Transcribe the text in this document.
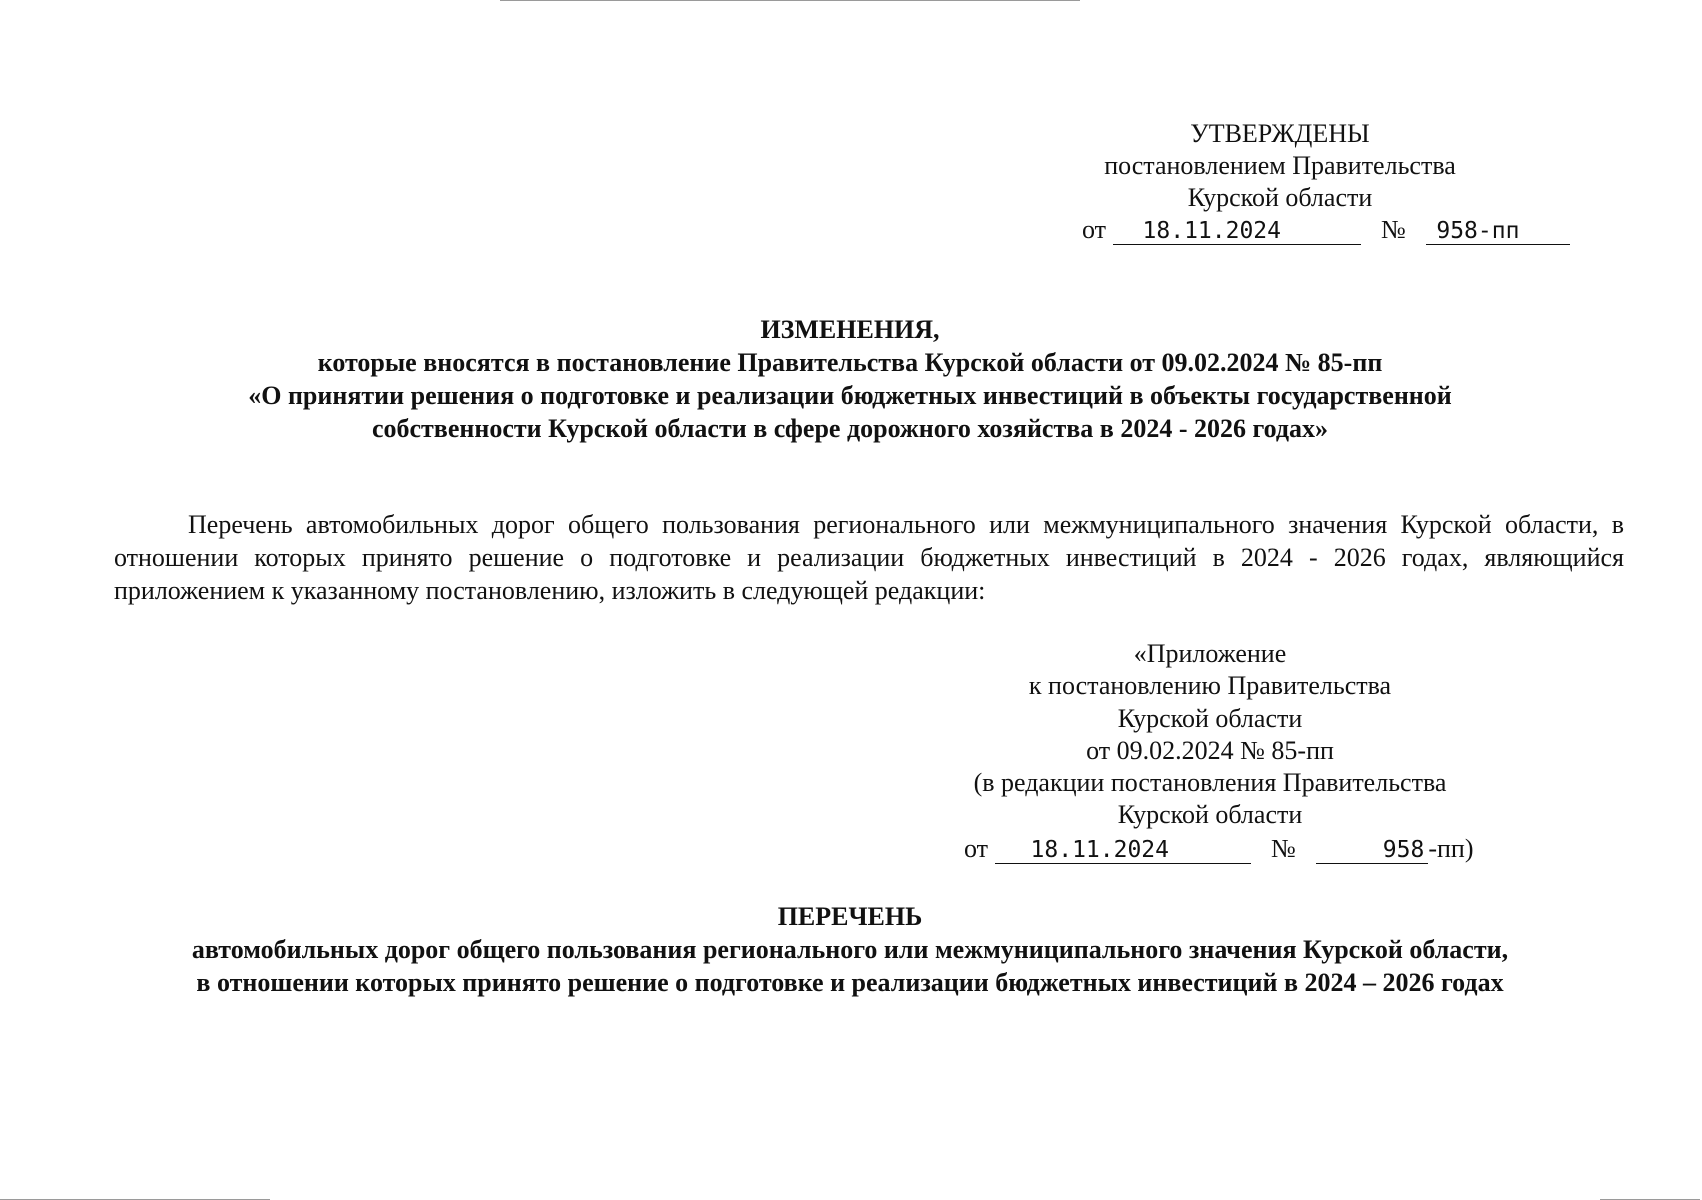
УТВЕРЖДЕНЫ
постановлением Правительства
Курской области
от 18.11.2024	№ 958-пп
ИЗМЕНЕНИЯ,
которые вносятся в постановление Правительства Курской области от 09.02.2024 № 85-пп
«О принятии решения о подготовке и реализации бюджетных инвестиций в объекты государственной
собственности Курской области в сфере дорожного хозяйства в 2024 - 2026 годах»
Перечень автомобильных дорог общего пользования регионального или межмуниципального значения Курской области, в отношении которых принято решение о подготовке и реализации бюджетных инвестиций в 2024 - 2026 годах, являющийся приложением к указанному постановлению, изложить в следующей редакции:
«Приложение
к постановлению Правительства
Курской области
от 09.02.2024 № 85-пп
(в редакции постановления Правительства
Курской области
от 18.11.2024	№	958 -пп)
ПЕРЕЧЕНЬ
автомобильных дорог общего пользования регионального или межмуниципального значения Курской области,
в отношении которых принято решение о подготовке и реализации бюджетных инвестиций в 2024 – 2026 годах
